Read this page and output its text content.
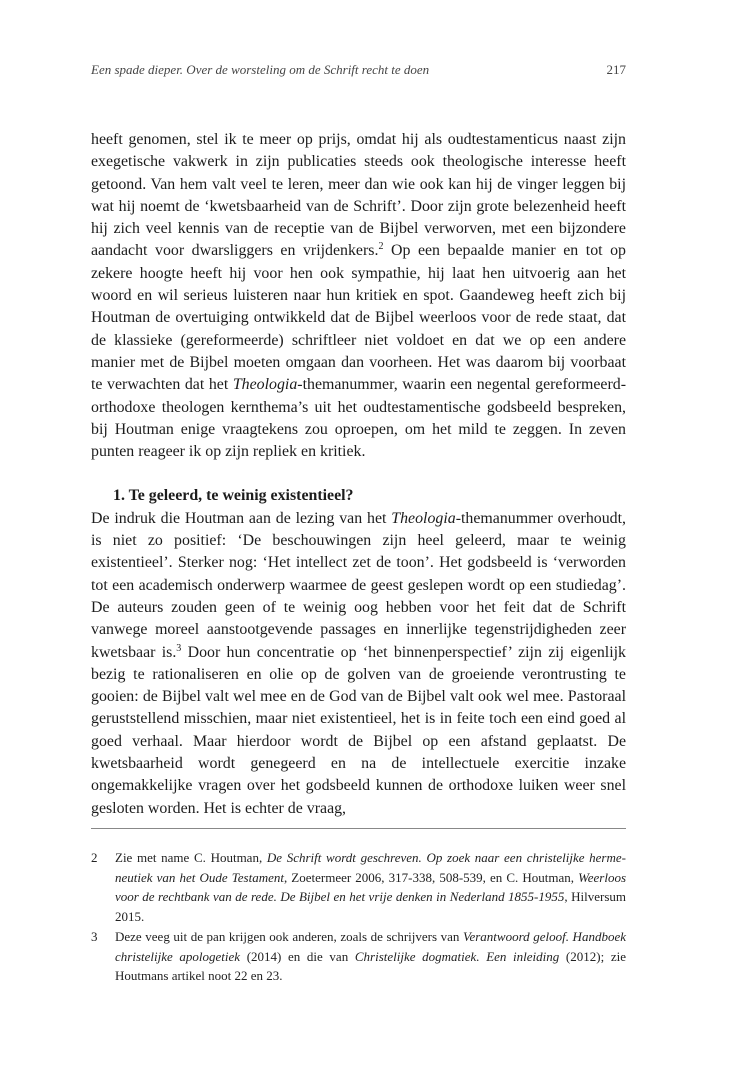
Een spade dieper. Over de worsteling om de Schrift recht te doen	217

heeft genomen, stel ik te meer op prijs, omdat hij als oudtestamenticus naast zijn exegetische vakwerk in zijn publicaties steeds ook theologische interesse heeft getoond. Van hem valt veel te leren, meer dan wie ook kan hij de vinger leggen bij wat hij noemt de ‘kwetsbaarheid van de Schrift’. Door zijn grote belezenheid heeft hij zich veel kennis van de receptie van de Bijbel verworven, met een bijzondere aandacht voor dwarsliggers en vrijdenkers.$^2$ Op een bepaalde manier en tot op zekere hoogte heeft hij voor hen ook sympathie, hij laat hen uitvoerig aan het woord en wil serieus luisteren naar hun kritiek en spot. Gaandeweg heeft zich bij Houtman de overtuiging ontwikkeld dat de Bijbel weerloos voor de rede staat, dat de klassieke (gereformeerde) schriftleer niet voldoet en dat we op een andere manier met de Bijbel moeten omgaan dan voorheen. Het was daarom bij voorbaat te verwachten dat het Theologia-themanummer, waarin een negental gereformeerd-orthodoxe theologen kernthema’s uit het oudtestamentische godsbeeld bespreken, bij Houtman enige vraagtekens zou oproepen, om het mild te zeggen. In zeven punten reageer ik op zijn repliek en kritiek.

1. Te geleerd, te weinig existentieel?

De indruk die Houtman aan de lezing van het Theologia-themanummer overhoudt, is niet zo positief: ‘De beschouwingen zijn heel geleerd, maar te weinig existentieel’. Sterker nog: ‘Het intellect zet de toon’. Het godsbeeld is ‘verworden tot een academisch onderwerp waarmee de geest geslepen wordt op een studiedag’. De auteurs zouden geen of te weinig oog hebben voor het feit dat de Schrift vanwege moreel aanstootgevende passages en innerlijke tegenstrijdigheden zeer kwetsbaar is.$^3$ Door hun concentratie op ‘het binnenperspectief’ zijn zij eigenlijk bezig te rationaliseren en olie op de golven van de groeiende verontrusting te gooien: de Bijbel valt wel mee en de God van de Bijbel valt ook wel mee. Pastoraal geruststellend misschien, maar niet existentieel, het is in feite toch een eind goed al goed verhaal. Maar hierdoor wordt de Bijbel op een afstand geplaatst. De kwetsbaarheid wordt genegeerd en na de intellectuele exercitie inzake ongemakkelijke vragen over het godsbeeld kunnen de orthodoxe luiken weer snel gesloten worden. Het is echter de vraag,

2 Zie met name C. Houtman, De Schrift wordt geschreven. Op zoek naar een christelijke hermeneutiek van het Oude Testament, Zoetermeer 2006, 317-338, 508-539, en C. Houtman, Weerloos voor de rechtbank van de rede. De Bijbel en het vrije denken in Nederland 1855-1955, Hilversum 2015.

3 Deze veeg uit de pan krijgen ook anderen, zoals de schrijvers van Verantwoord geloof. Handboek christelijke apologetiek (2014) en die van Christelijke dogmatiek. Een inleiding (2012); zie Houtmans artikel noot 22 en 23.
